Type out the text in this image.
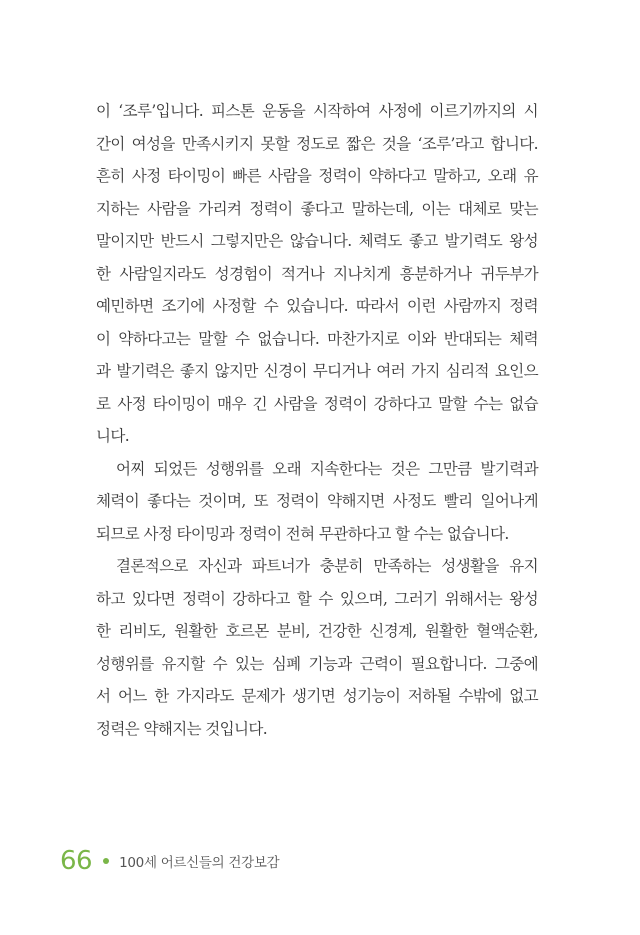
이 ‘조루’입니다. 피스톤 운동을 시작하여 사정에 이르기까지의 시
간이 여성을 만족시키지 못할 정도로 짧은 것을 ‘조루’라고 합니다.
흔히 사정 타이밍이 빠른 사람을 정력이 약하다고 말하고, 오래 유
지하는 사람을 가리켜 정력이 좋다고 말하는데, 이는 대체로 맞는
말이지만 반드시 그렇지만은 않습니다. 체력도 좋고 발기력도 왕성
한 사람일지라도 성경험이 적거나 지나치게 흥분하거나 귀두부가
예민하면 조기에 사정할 수 있습니다. 따라서 이런 사람까지 정력
이 약하다고는 말할 수 없습니다. 마찬가지로 이와 반대되는 체력
과 발기력은 좋지 않지만 신경이 무디거나 여러 가지 심리적 요인으
로 사정 타이밍이 매우 긴 사람을 정력이 강하다고 말할 수는 없습
니다.
어찌 되었든 성행위를 오래 지속한다는 것은 그만큼 발기력과
체력이 좋다는 것이며, 또 정력이 약해지면 사정도 빨리 일어나게
되므로 사정 타이밍과 정력이 전혀 무관하다고 할 수는 없습니다.
결론적으로 자신과 파트너가 충분히 만족하는 성생활을 유지
하고 있다면 정력이 강하다고 할 수 있으며, 그러기 위해서는 왕성
한 리비도, 원활한 호르몬 분비, 건강한 신경계, 원활한 혈액순환,
성행위를 유지할 수 있는 심폐 기능과 근력이 필요합니다. 그중에
서 어느 한 가지라도 문제가 생기면 성기능이 저하될 수밖에 없고
정력은 약해지는 것입니다.
66 100세 어르신들의 건강보감
